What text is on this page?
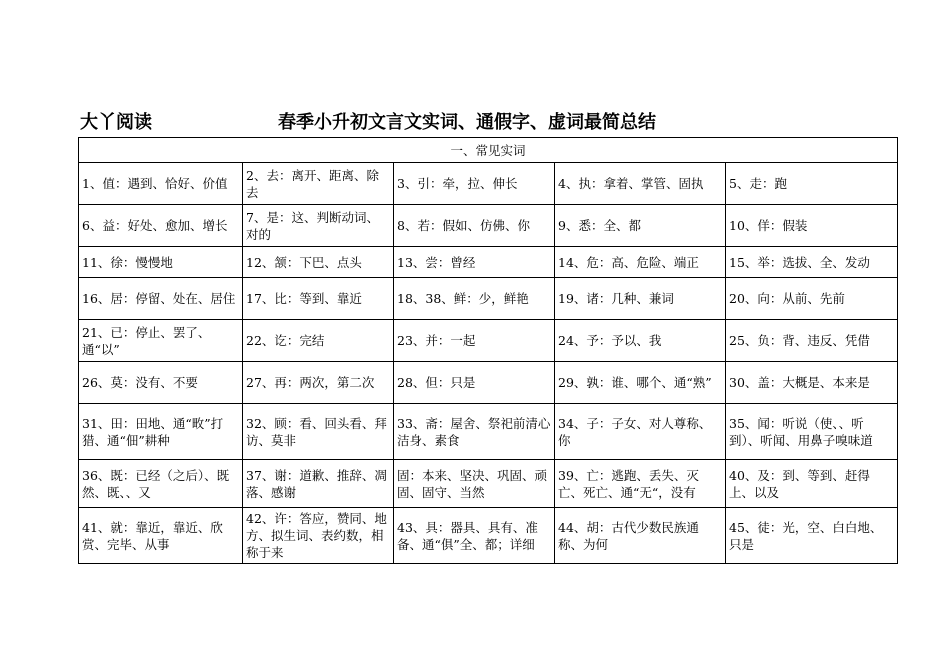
大丫阅读	春季小升初文言文实词、通假字、虚词最简总结
一、常见实词				
1、值：遇到、恰好、价值	2、去：离开、距离、除去	3、引：牵，拉、伸长	4、执：拿着、掌管、固执	5、走：跑
6、益：好处、愈加、增长	7、是：这、判断动词、对的	8、若：假如、仿佛、你	9、悉：全、都	10、佯：假装
11、徐：慢慢地	12、颔：下巴、点头	13、尝：曾经	14、危：高、危险、端正	15、举：选拔、全、发动
16、居：停留、处在、居住	17、比：等到、靠近	18、38、鲜：少，鲜艳	19、诸：几种、兼词	20、向：从前、先前
21、已：停止、罢了、通“以”	22、讫：完结	23、并：一起	24、予：予以、我	25、负：背、违反、凭借
26、莫：没有、不要	27、再：两次，第二次	28、但：只是	29、孰：谁、哪个、通“熟”	30、盖：大概是、本来是
31、田：田地、通“畋”打猎、通“佃”耕种	32、顾：看、回头看、拜访、莫非	33、斋：屋舍、祭祀前清心洁身、素食	34、子：子女、对人尊称、你	35、闻：听说（使、、听到）、听闻、用鼻子嗅味道
36、既：已经（之后）、既然、既、、又	37、谢：道歉、推辞、凋落、感谢	固：本来、坚决、巩固、顽固、固守、当然	39、亡：逃跑、丢失、灭亡、死亡、通“无“，没有	40、及：到、等到、赶得上、以及
41、就：靠近，靠近、欣赏、完毕、从事	42、许：答应，赞同、地方、拟生词、表约数，相称于来	43、具：器具、具有、准备、通“俱”全、都；详细	44、胡：古代少数民族通称、为何	45、徒：光，空、白白地、只是
